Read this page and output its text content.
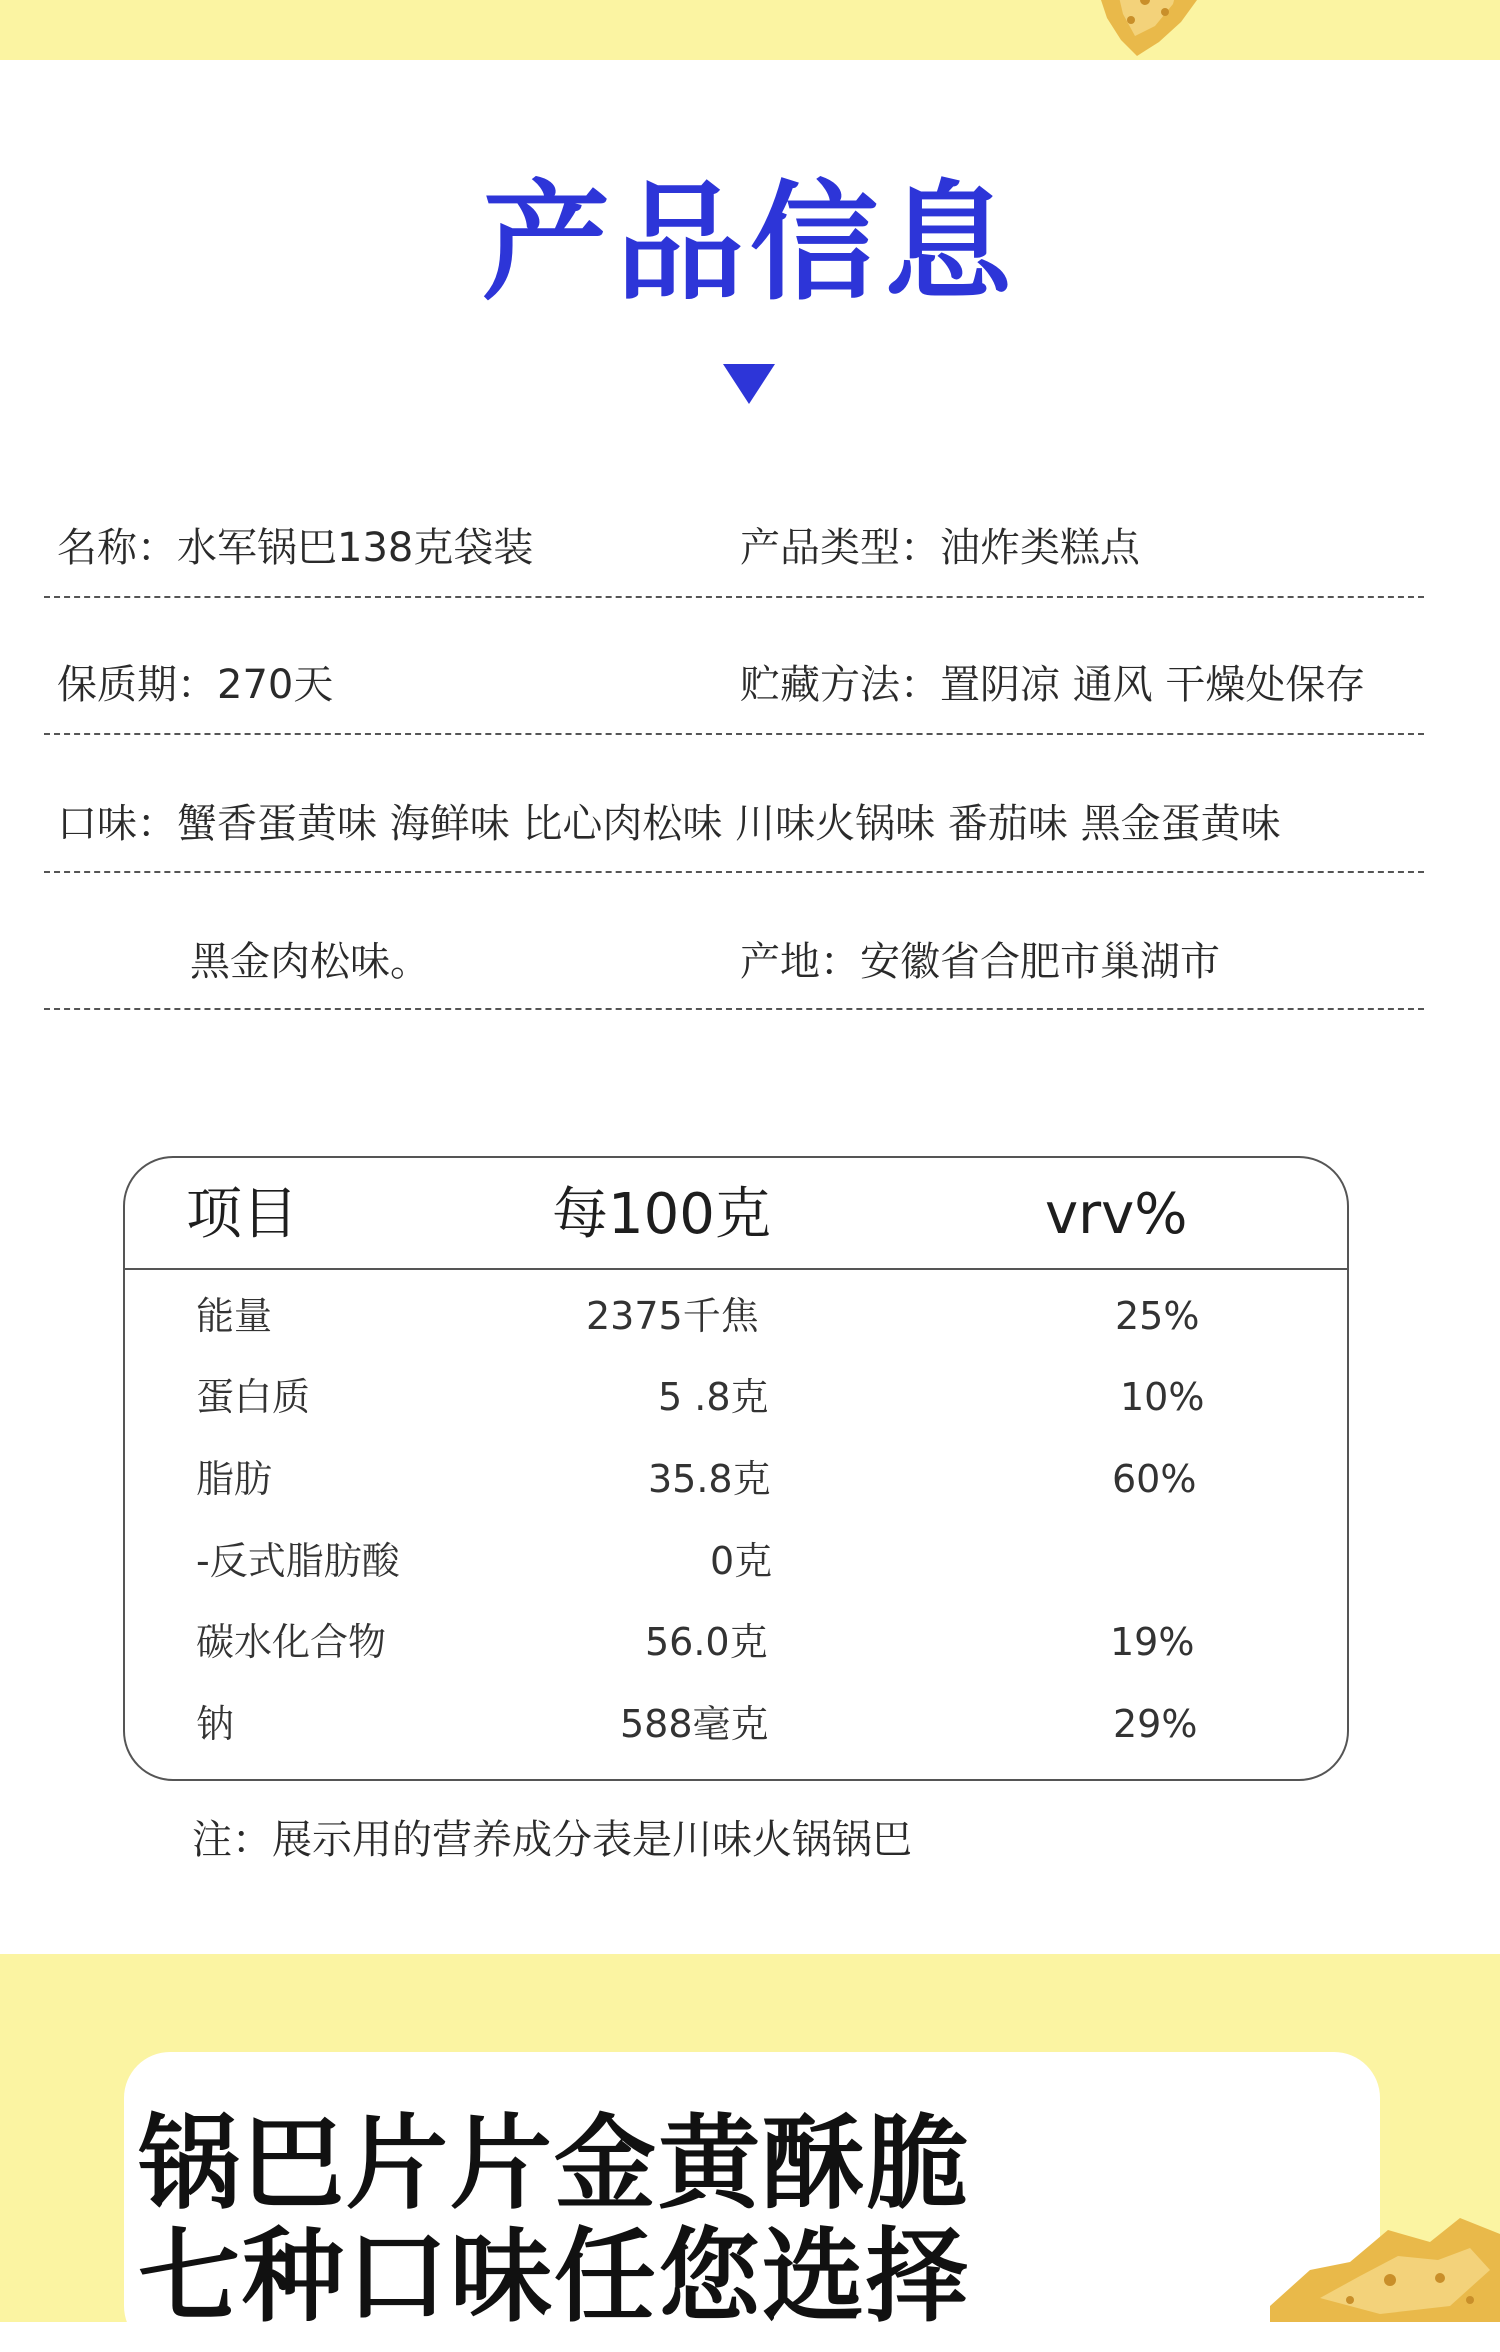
产品信息
名称：水军锅巴138克袋装	产品类型：油炸类糕点
保质期：270天	贮藏方法：置阴凉 通风 干燥处保存
口味：蟹香蛋黄味 海鲜味 比心肉松味 川味火锅味 番茄味 黑金蛋黄味
黑金肉松味。	产地：安徽省合肥市巢湖市
项目	每100克	vrv%
能量	2375千焦	25%
蛋白质	5 .8克	10%
脂肪	35.8克	60%
-反式脂肪酸	0克
碳水化合物	56.0克	19%
钠	588毫克	29%
注：展示用的营养成分表是川味火锅锅巴
锅巴片片金黄酥脆
七种口味任您选择
